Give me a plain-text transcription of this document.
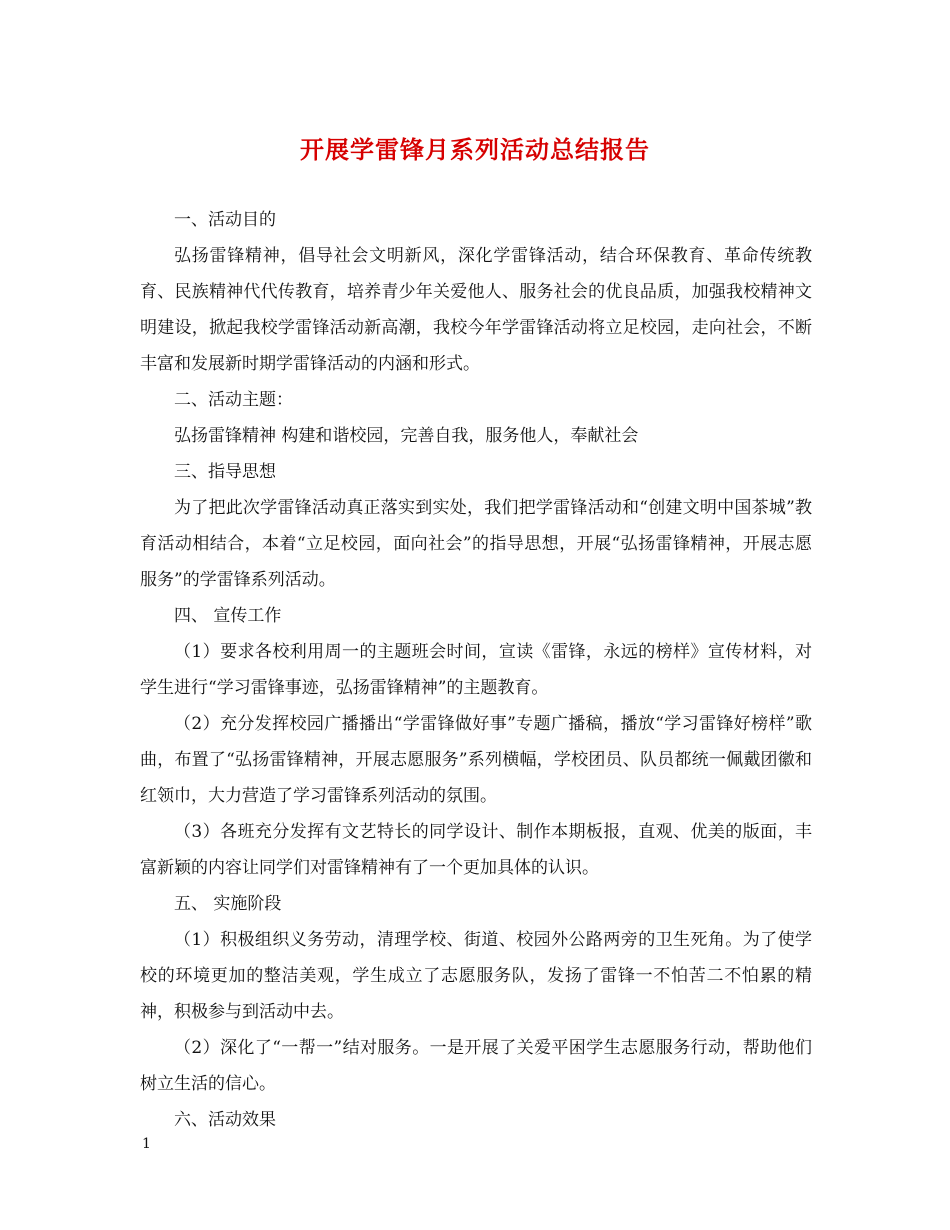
开展学雷锋月系列活动总结报告

一、活动目的

弘扬雷锋精神，倡导社会文明新风，深化学雷锋活动，结合环保教育、革命传统教育、民族精神代代传教育，培养青少年关爱他人、服务社会的优良品质，加强我校精神文明建设，掀起我校学雷锋活动新高潮，我校今年学雷锋活动将立足校园，走向社会，不断丰富和发展新时期学雷锋活动的内涵和形式。

二、活动主题：

弘扬雷锋精神 构建和谐校园，完善自我，服务他人，奉献社会

三、指导思想

为了把此次学雷锋活动真正落实到实处，我们把学雷锋活动和“创建文明中国茶城”教育活动相结合，本着“立足校园，面向社会”的指导思想，开展“弘扬雷锋精神，开展志愿服务”的学雷锋系列活动。

四、 宣传工作

（1）要求各校利用周一的主题班会时间，宣读《雷锋，永远的榜样》宣传材料，对学生进行“学习雷锋事迹，弘扬雷锋精神”的主题教育。

（2）充分发挥校园广播播出“学雷锋做好事”专题广播稿，播放“学习雷锋好榜样”歌曲，布置了“弘扬雷锋精神，开展志愿服务”系列横幅，学校团员、队员都统一佩戴团徽和红领巾，大力营造了学习雷锋系列活动的氛围。

（3）各班充分发挥有文艺特长的同学设计、制作本期板报，直观、优美的版面，丰富新颖的内容让同学们对雷锋精神有了一个更加具体的认识。

五、 实施阶段

（1）积极组织义务劳动，清理学校、街道、校园外公路两旁的卫生死角。为了使学校的环境更加的整洁美观，学生成立了志愿服务队，发扬了雷锋一不怕苦二不怕累的精神，积极参与到活动中去。

（2）深化了“一帮一”结对服务。一是开展了关爱平困学生志愿服务行动，帮助他们树立生活的信心。

六、活动效果

1
